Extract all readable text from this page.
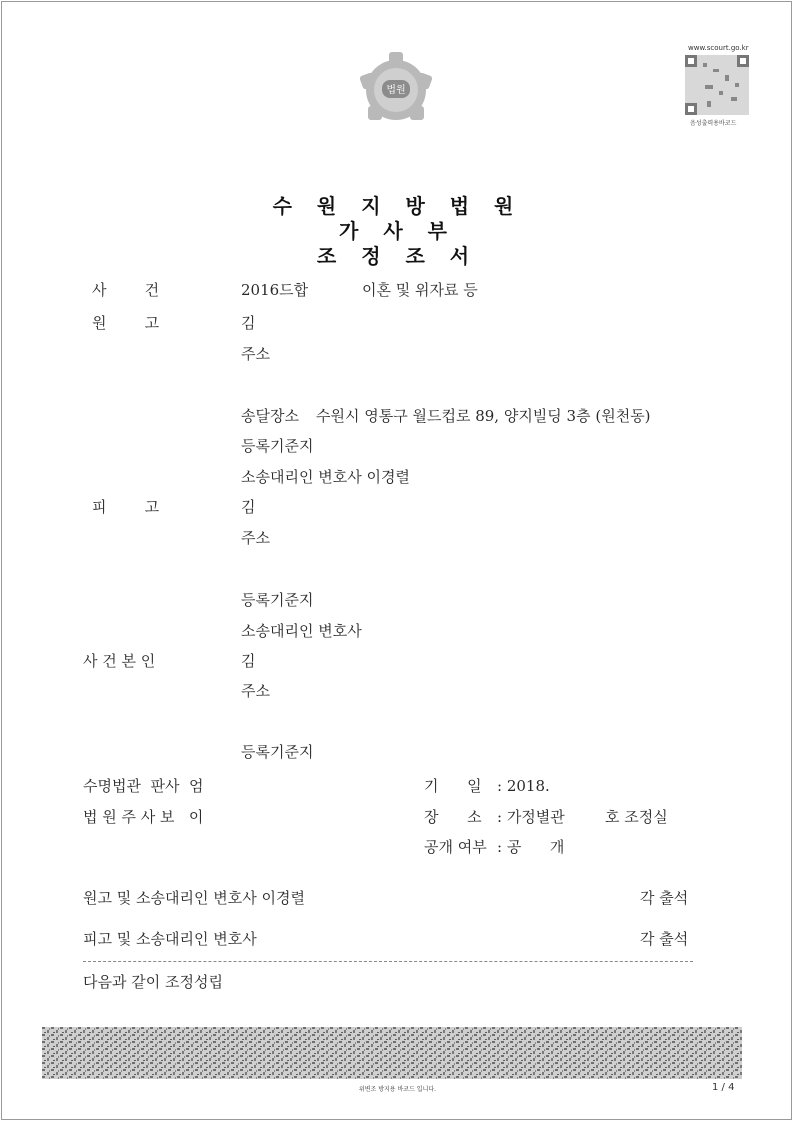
법원
www.scourt.go.kr
음성출력용바코드
수 원 지 방 법 원
가 사 부
조 정 조 서
사        건	2016드합	이혼 및 위자료 등
원        고	김
주소
송달장소 수원시 영통구 월드컵로 89, 양지빌딩 3층 (원천동)
등록기준지
소송대리인 변호사 이경렬
피        고	김
주소
등록기준지
소송대리인 변호사
사 건 본 인	김
주소
등록기준지
수명법관  판사  엄
법 원 주 사 보   이
기      일 : 2018.
장      소 : 가정별관	호 조정실
공개 여부 : 공      개
원고 및 소송대리인 변호사 이경렬	각 출석
피고 및 소송대리인 변호사	각 출석
다음과 같이 조정성립
위변조 방지용 바코드 입니다.	1 / 4
